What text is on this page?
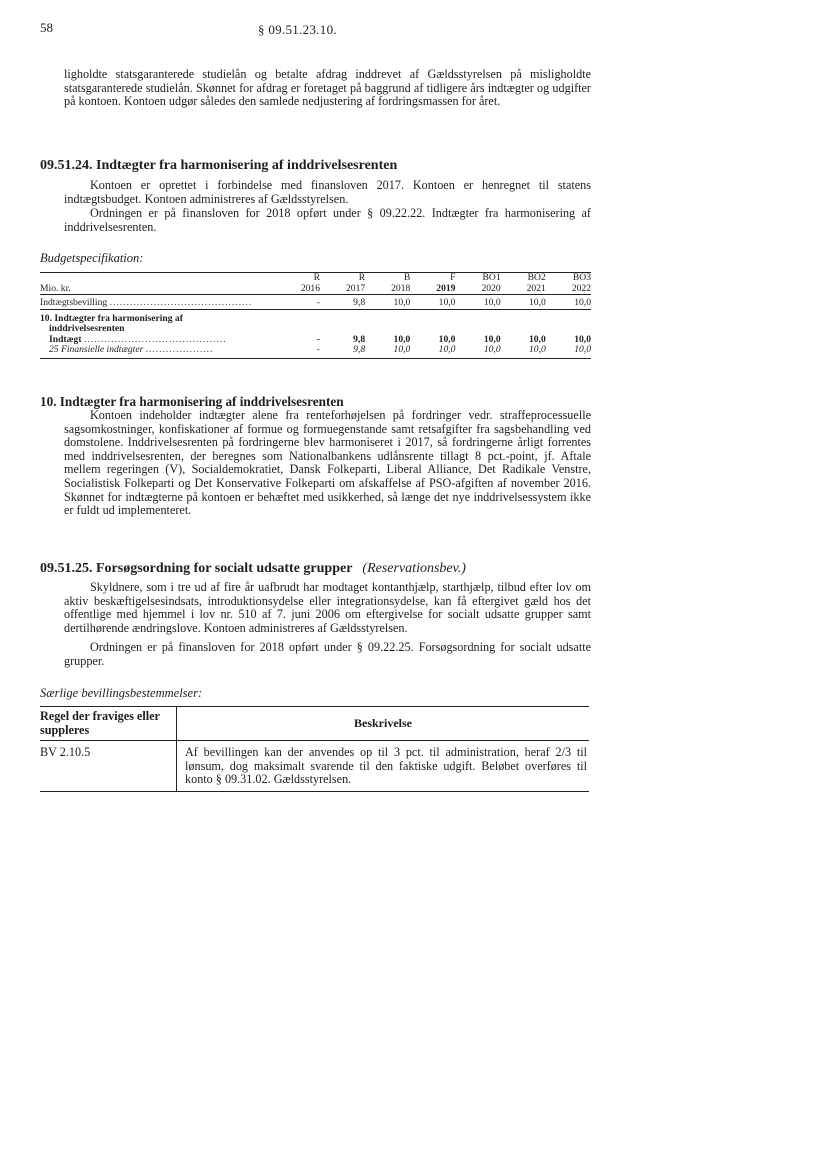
58	§ 09.51.23.10.
ligholdte statsgaranterede studielån og betalte afdrag inddrevet af Gældsstyrelsen på misligholdte statsgaranterede studielån. Skønnet for afdrag er foretaget på baggrund af tidligere års indtægter og udgifter på kontoen. Kontoen udgør således den samlede nedjustering af fordringsmassen for året.
09.51.24. Indtægter fra harmonisering af inddrivelsesrenten
Kontoen er oprettet i forbindelse med finansloven 2017. Kontoen er henregnet til statens indtægtsbudget. Kontoen administreres af Gældsstyrelsen.
Ordningen er på finansloven for 2018 opført under § 09.22.22. Indtægter fra harmonisering af inddrivelsesrenten.
Budgetspecifikation:
	R	R	B	F	BO1	BO2	BO3
Mio. kr.	2016	2017	2018	2019	2020	2021	2022
Indtægtsbevilling ..........................................	-	9,8	10,0	10,0	10,0	10,0	10,0
10. Indtægter fra harmonisering af							
inddrivelsesrenten							
Indtægt ..........................................	-	9,8	10,0	10,0	10,0	10,0	10,0
25 Finansielle indtægter ....................	-	9,8	10,0	10,0	10,0	10,0	10,0
10. Indtægter fra harmonisering af inddrivelsesrenten
Kontoen indeholder indtægter alene fra renteforhøjelsen på fordringer vedr. straffeprocessuelle sagsomkostninger, konfiskationer af formue og formuegenstande samt retsafgifter fra sagsbehandling ved domstolene. Inddrivelsesrenten på fordringerne blev harmoniseret i 2017, så fordringerne årligt forrentes med inddrivelsesrenten, der beregnes som Nationalbankens udlånsrente tillagt 8 pct.-point, jf. Aftale mellem regeringen (V), Socialdemokratiet, Dansk Folkeparti, Liberal Alliance, Det Radikale Venstre, Socialistisk Folkeparti og Det Konservative Folkeparti om afskaffelse af PSO-afgiften af november 2016. Skønnet for indtægterne på kontoen er behæftet med usikkerhed, så længe det nye inddrivelsessystem ikke er fuldt ud implementeret.
09.51.25. Forsøgsordning for socialt udsatte grupper (Reservationsbev.)
Skyldnere, som i tre ud af fire år uafbrudt har modtaget kontanthjælp, starthjælp, tilbud efter lov om aktiv beskæftigelsesindsats, introduktionsydelse eller integrationsydelse, kan få eftergivet gæld hos det offentlige med hjemmel i lov nr. 510 af 7. juni 2006 om eftergivelse for socialt udsatte grupper samt dertilhørende ændringslove. Kontoen administreres af Gældsstyrelsen.
Ordningen er på finansloven for 2018 opført under § 09.22.25. Forsøgsordning for socialt udsatte grupper.
Særlige bevillingsbestemmelser:
Regel der fraviges eller suppleres	Beskrivelse
BV 2.10.5	Af bevillingen kan der anvendes op til 3 pct. til administration, heraf 2/3 til lønsum, dog maksimalt svarende til den faktiske udgift. Beløbet overføres til konto § 09.31.02. Gældsstyrelsen.
